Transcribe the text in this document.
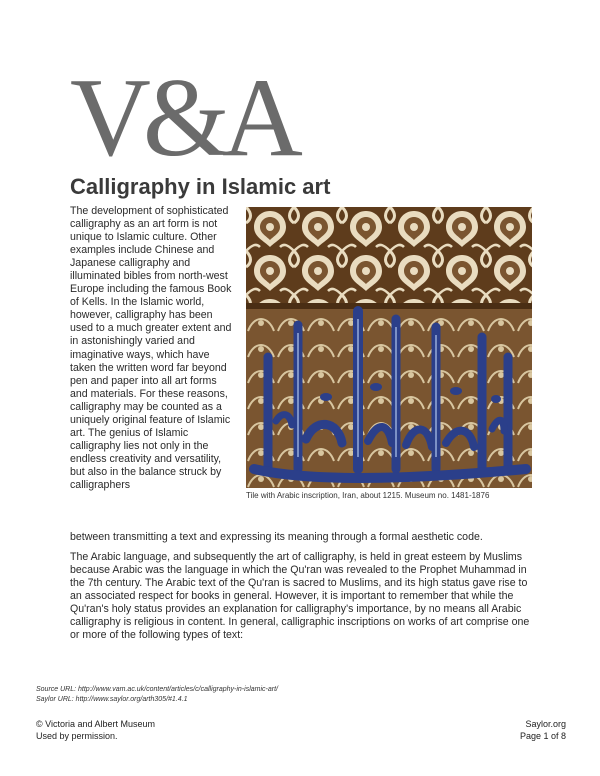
V&A
Calligraphy in Islamic art

The development of sophisticated calligraphy as an art form is not unique to Islamic culture. Other examples include Chinese and Japanese calligraphy and illuminated bibles from north-west Europe including the famous Book of Kells. In the Islamic world, however, calligraphy has been used to a much greater extent and in astonishingly varied and imaginative ways, which have taken the written word far beyond pen and paper into all art forms and materials. For these reasons, calligraphy may be counted as a uniquely original feature of Islamic art. The genius of Islamic calligraphy lies not only in the endless creativity and versatility, but also in the balance struck by calligraphers

Tile with Arabic inscription, Iran, about 1215. Museum no. 1481-1876

between transmitting a text and expressing its meaning through a formal aesthetic code.

The Arabic language, and subsequently the art of calligraphy, is held in great esteem by Muslims because Arabic was the language in which the Qu'ran was revealed to the Prophet Muhammad in the 7th century. The Arabic text of the Qu'ran is sacred to Muslims, and its high status gave rise to an associated respect for books in general. However, it is important to remember that while the Qu'ran's holy status provides an explanation for calligraphy's importance, by no means all Arabic calligraphy is religious in content. In general, calligraphic inscriptions on works of art comprise one or more of the following types of text:

Source URL: http://www.vam.ac.uk/content/articles/c/calligraphy-in-islamic-art/
Saylor URL: http://www.saylor.org/arth305/#1.4.1
© Victoria and Albert Museum
Used by permission.
Saylor.org
Page 1 of 8
